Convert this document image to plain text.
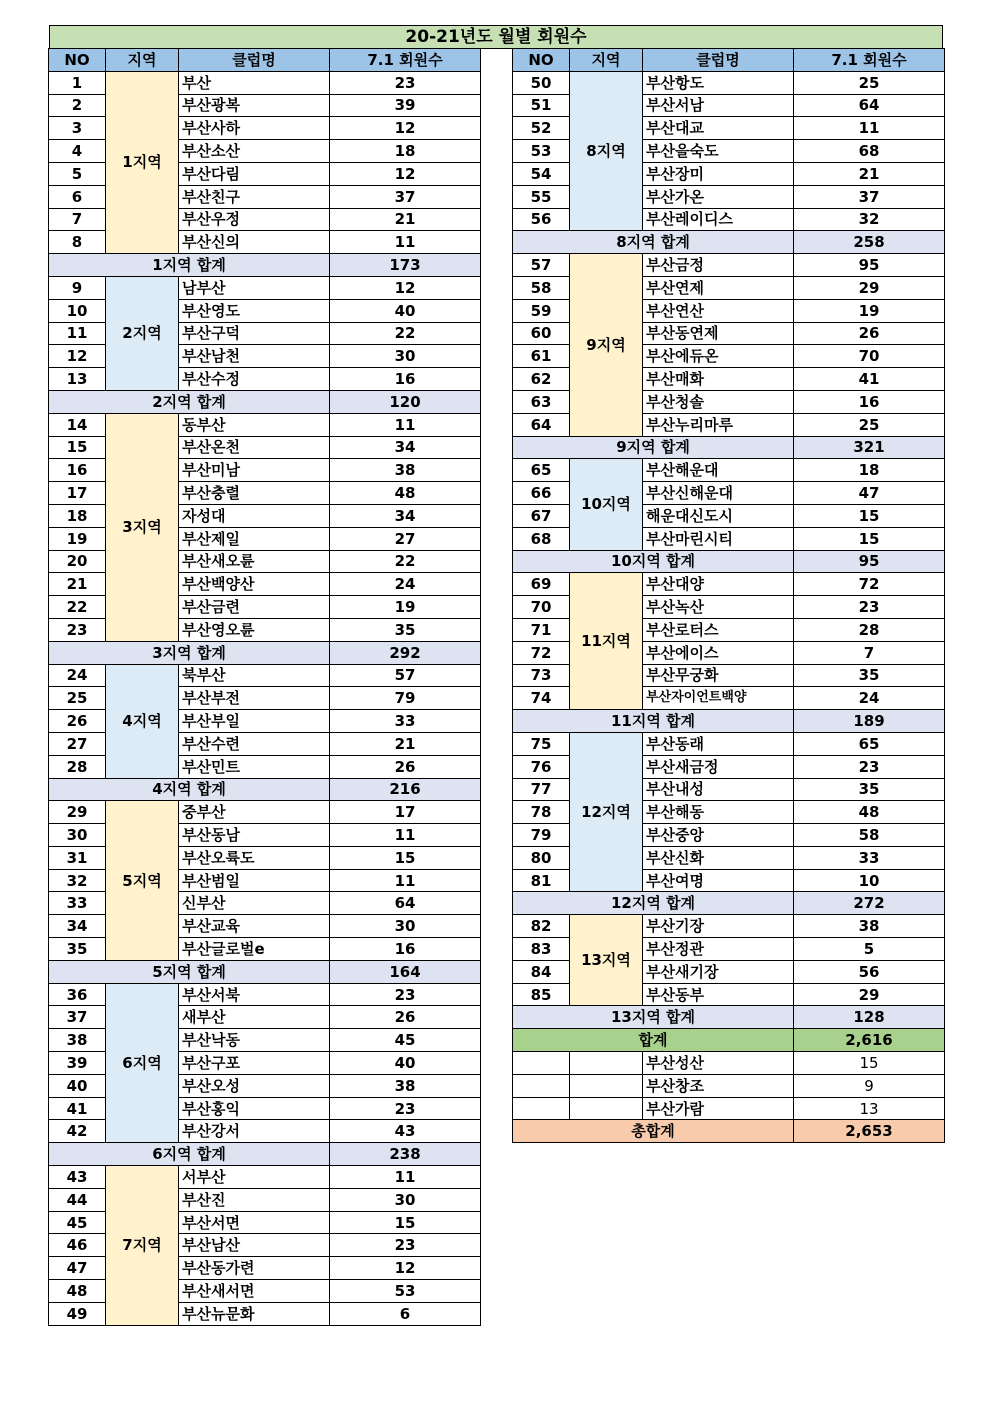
20-21년도 월별 회원수
NO	지역	클럽명	7.1 회원수
1	1지역	부산	23
2		부산광복	39
3		부산사하	12
4		부산소산	18
5		부산다림	12
6		부산친구	37
7		부산우정	21
8		부산신의	11
1지역 합계			173
9	2지역	남부산	12
10		부산영도	40
11		부산구덕	22
12		부산남천	30
13		부산수정	16
2지역 합계			120
14	3지역	동부산	11
15		부산온천	34
16		부산미남	38
17		부산충렬	48
18		자성대	34
19		부산제일	27
20		부산새오륜	22
21		부산백양산	24
22		부산금련	19
23		부산영오륜	35
3지역 합계			292
24	4지역	북부산	57
25		부산부전	79
26		부산부일	33
27		부산수련	21
28		부산민트	26
4지역 합계			216
29	5지역	중부산	17
30		부산동남	11
31		부산오륙도	15
32		부산범일	11
33		신부산	64
34		부산교육	30
35		부산글로벌e	16
5지역 합계			164
36	6지역	부산서북	23
37		새부산	26
38		부산낙동	45
39		부산구포	40
40		부산오성	38
41		부산홍익	23
42		부산강서	43
6지역 합계			238
43	7지역	서부산	11
44		부산진	30
45		부산서면	15
46		부산남산	23
47		부산동가련	12
48		부산새서면	53
49		부산뉴문화	6
NO	지역	클럽명	7.1 회원수
50	8지역	부산항도	25
51		부산서남	64
52		부산대교	11
53		부산을숙도	68
54		부산장미	21
55		부산가온	37
56		부산레이디스	32
8지역 합계			258
57	9지역	부산금정	95
58		부산연제	29
59		부산연산	19
60		부산동연제	26
61		부산에듀온	70
62		부산매화	41
63		부산청솔	16
64		부산누리마루	25
9지역 합계			321
65	10지역	부산해운대	18
66		부산신해운대	47
67		해운대신도시	15
68		부산마린시티	15
10지역 합계			95
69	11지역	부산대양	72
70		부산녹산	23
71		부산로터스	28
72		부산에이스	7
73		부산무궁화	35
74		부산자이언트백양	24
11지역 합계			189
75	12지역	부산동래	65
76		부산새금정	23
77		부산내성	35
78		부산해동	48
79		부산중앙	58
80		부산신화	33
81		부산여명	10
12지역 합계			272
82	13지역	부산기장	38
83		부산정관	5
84		부산새기장	56
85		부산동부	29
13지역 합계			128
합계			2,616
		부산성산	15
		부산창조	9
		부산가람	13
총합계			2,653
